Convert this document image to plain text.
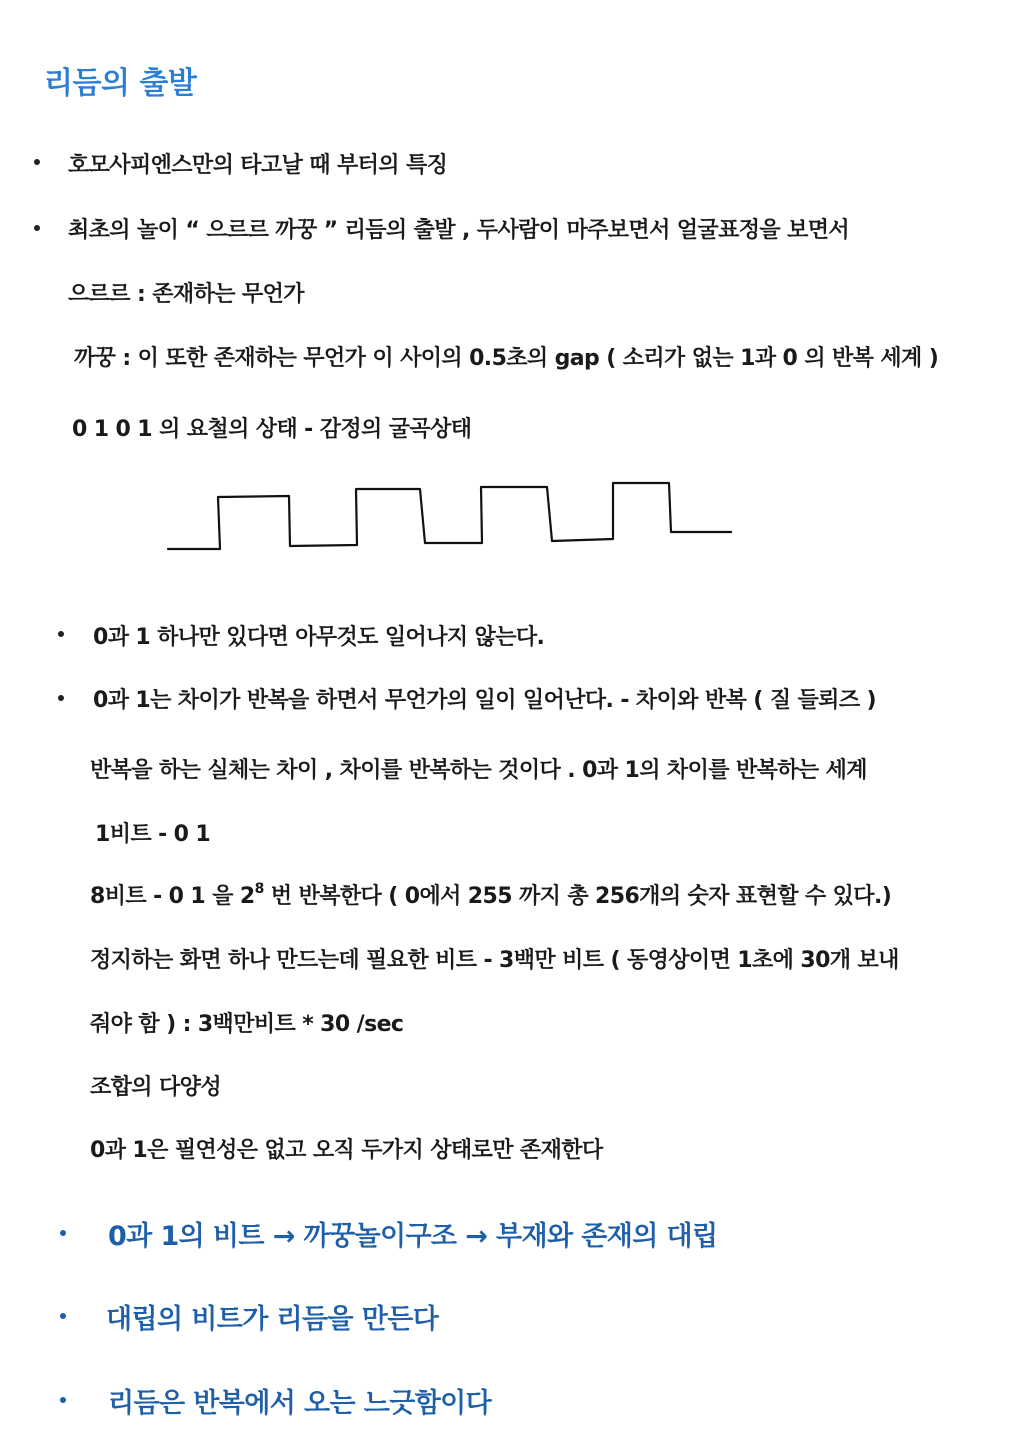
리듬의 출발
호모사피엔스만의 타고날 때 부터의 특징
최초의 놀이 “ 으르르 까꿍 ” 리듬의 출발 , 두사람이 마주보면서 얼굴표정을 보면서
으르르 : 존재하는 무언가
까꿍 : 이 또한 존재하는 무언가 이 사이의 0.5초의 gap ( 소리가 없는 1과 0 의 반복 세계 )
0 1 0 1 의 요철의 상태 - 감정의 굴곡상태
0과 1 하나만 있다면 아무것도 일어나지 않는다.
0과 1는 차이가 반복을 하면서 무언가의 일이 일어난다. - 차이와 반복 ( 질 들뢰즈 )
반복을 하는 실체는 차이 , 차이를 반복하는 것이다 . 0과 1의 차이를 반복하는 세계
1비트 - 0 1
8비트 - 0 1 을 $2^8$ 번 반복한다 ( 0에서 255 까지 총 256개의 숫자 표현할 수 있다.)
정지하는 화면 하나 만드는데 필요한 비트 - 3백만 비트 ( 동영상이면 1초에 30개 보내
줘야 함 ) : 3백만비트 * 30 /sec
조합의 다양성
0과 1은 필연성은 없고 오직 두가지 상태로만 존재한다
0과 1의 비트 → 까꿍놀이구조 → 부재와 존재의 대립
대립의 비트가 리듬을 만든다
리듬은 반복에서 오는 느긋함이다
